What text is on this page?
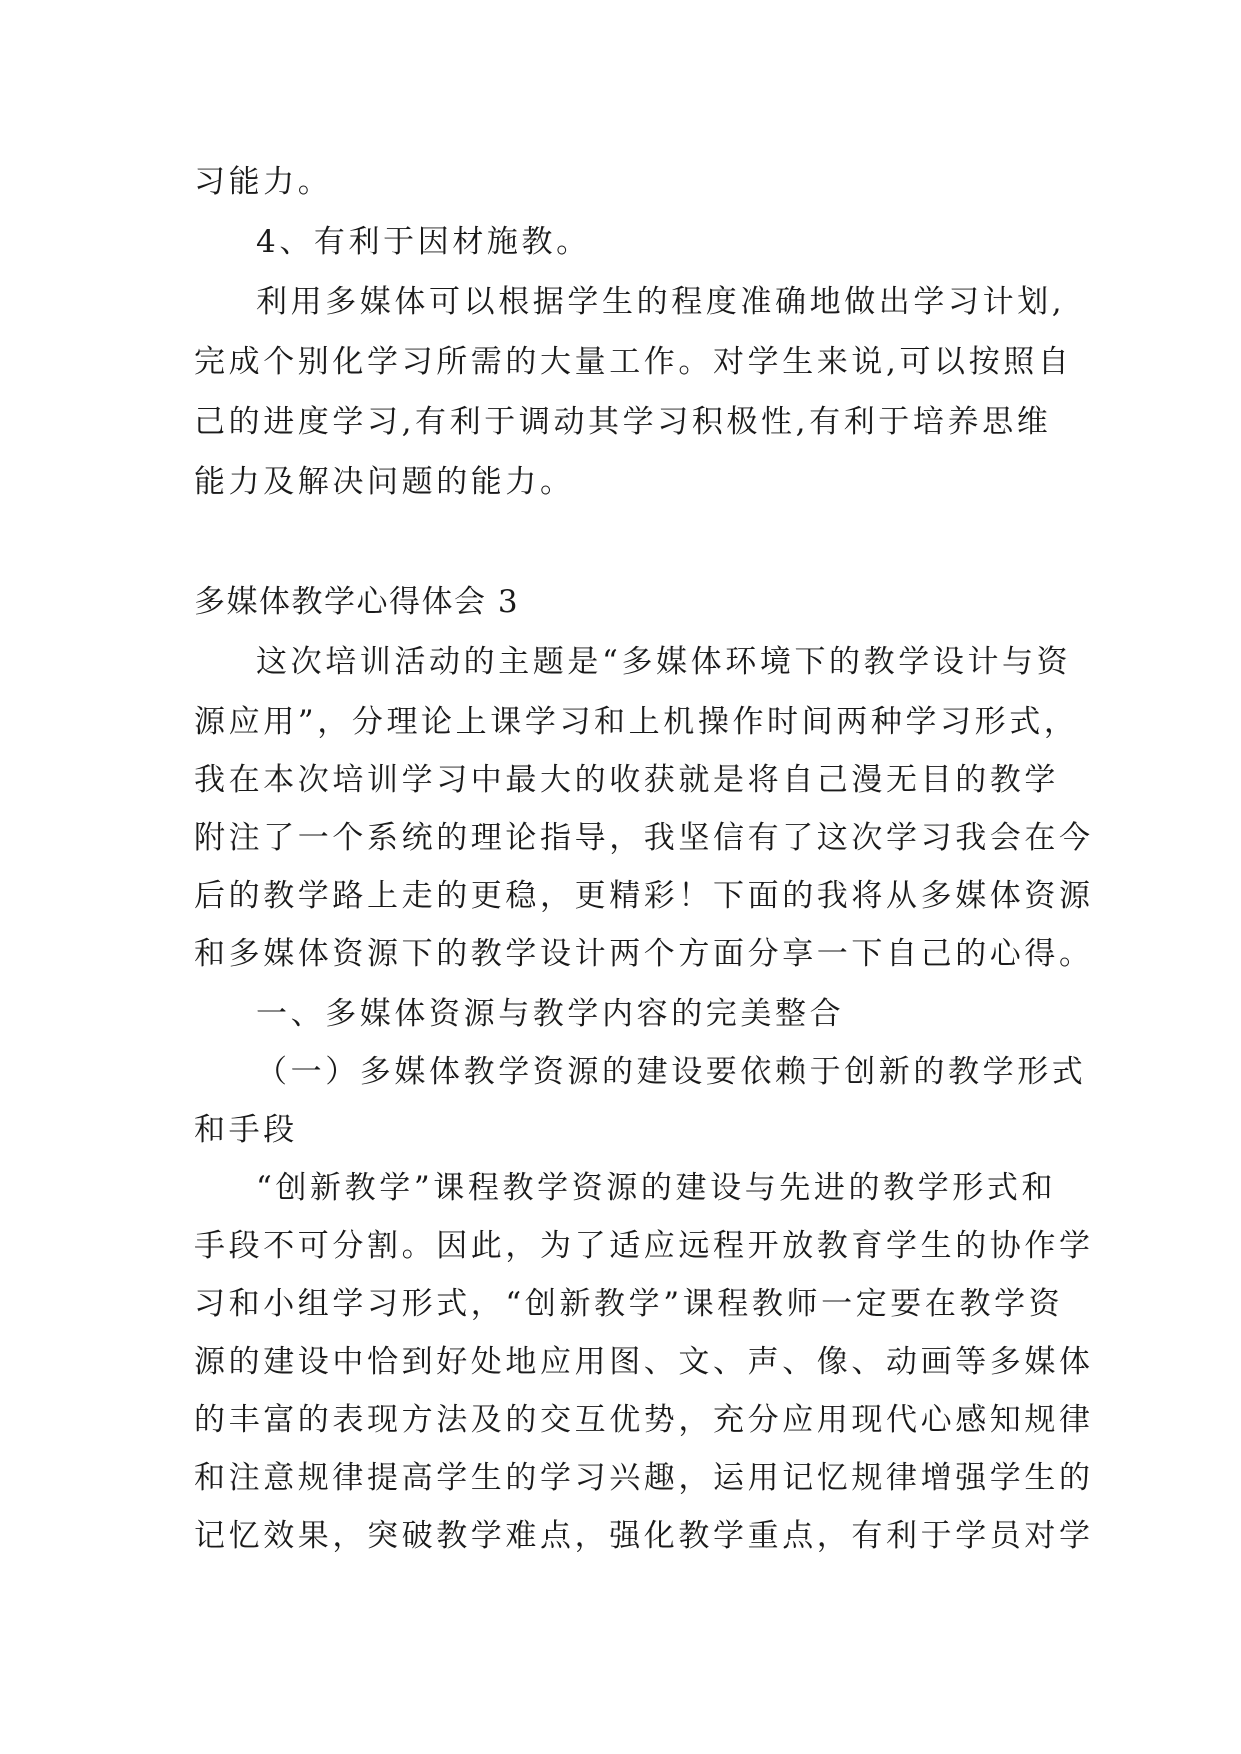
习能力。
4、有利于因材施教。
利用多媒体可以根据学生的程度准确地做出学习计划,
完成个别化学习所需的大量工作。对学生来说,可以按照自
己的进度学习,有利于调动其学习积极性,有利于培养思维
能力及解决问题的能力。
多媒体教学心得体会 3
这次培训活动的主题是“多媒体环境下的教学设计与资
源应用”，分理论上课学习和上机操作时间两种学习形式，
我在本次培训学习中最大的收获就是将自己漫无目的教学
附注了一个系统的理论指导，我坚信有了这次学习我会在今
后的教学路上走的更稳，更精彩！下面的我将从多媒体资源
和多媒体资源下的教学设计两个方面分享一下自己的心得。
一、多媒体资源与教学内容的完美整合
（一）多媒体教学资源的建设要依赖于创新的教学形式
和手段
“创新教学”课程教学资源的建设与先进的教学形式和
手段不可分割。因此，为了适应远程开放教育学生的协作学
习和小组学习形式，“创新教学”课程教师一定要在教学资
源的建设中恰到好处地应用图、文、声、像、动画等多媒体
的丰富的表现方法及的交互优势，充分应用现代心感知规律
和注意规律提高学生的学习兴趣，运用记忆规律增强学生的
记忆效果，突破教学难点，强化教学重点，有利于学员对学
